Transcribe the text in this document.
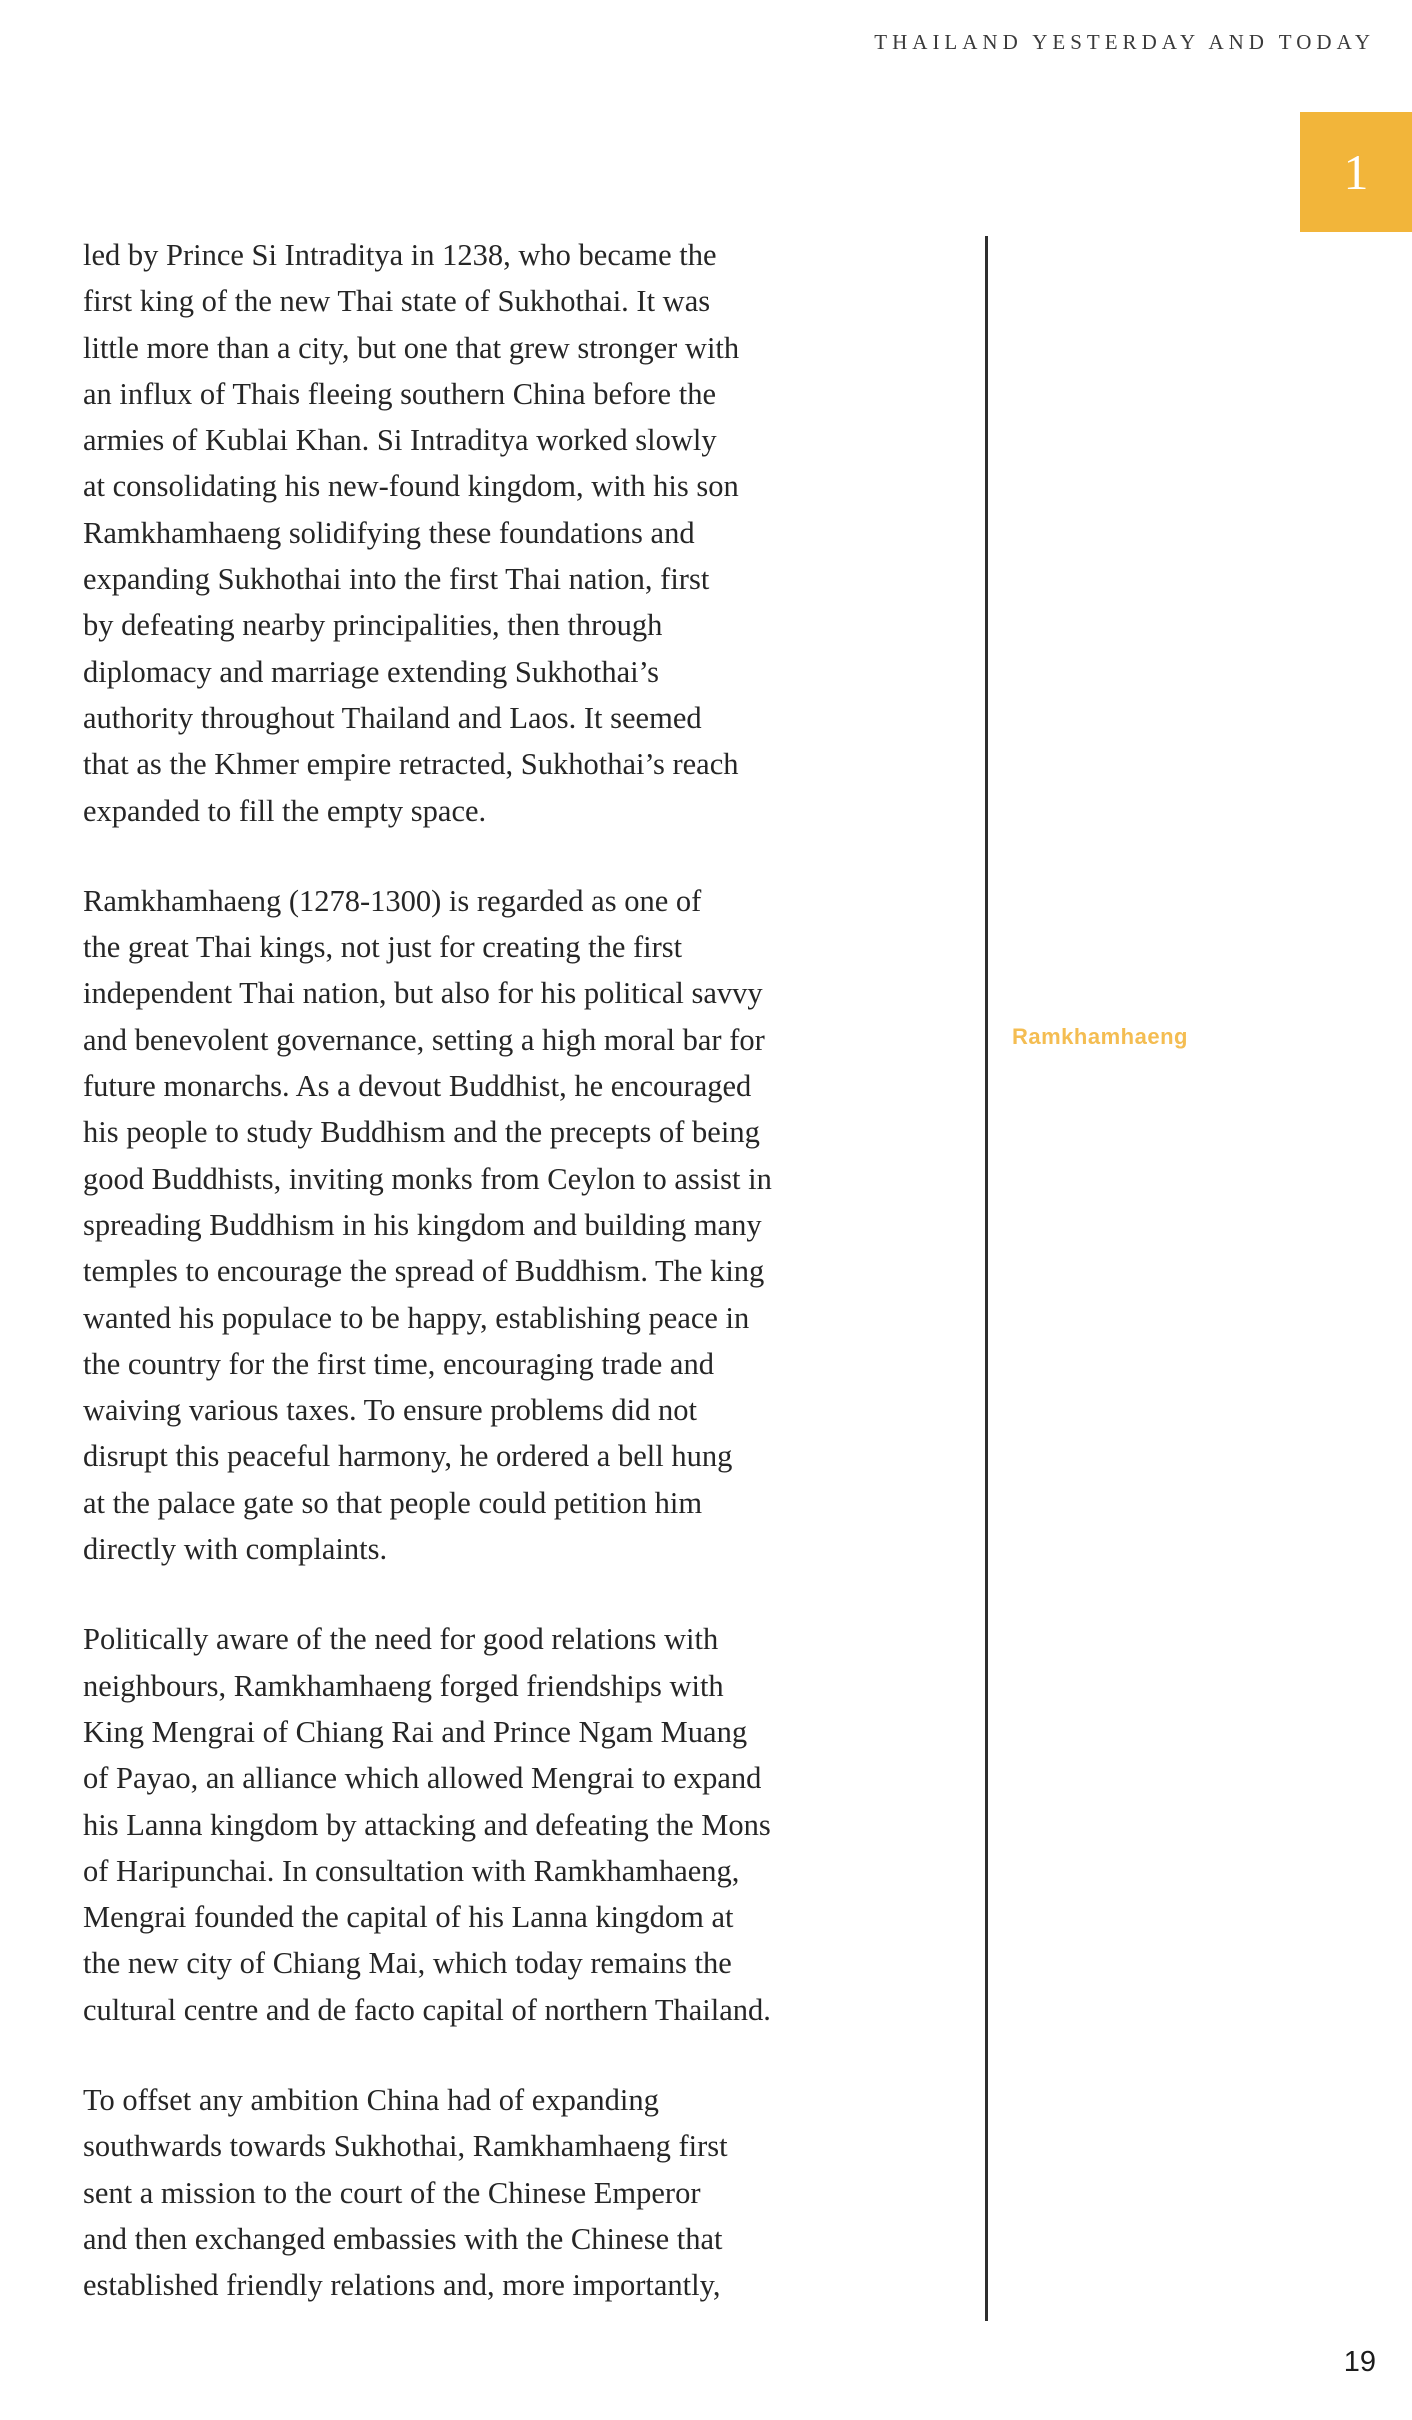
THAILAND YESTERDAY AND TODAY
1

led by Prince Si Intraditya in 1238, who became the
first king of the new Thai state of Sukhothai. It was
little more than a city, but one that grew stronger with
an influx of Thais fleeing southern China before the
armies of Kublai Khan. Si Intraditya worked slowly
at consolidating his new-found kingdom, with his son
Ramkhamhaeng solidifying these foundations and
expanding Sukhothai into the first Thai nation, first
by defeating nearby principalities, then through
diplomacy and marriage extending Sukhothai’s
authority throughout Thailand and Laos. It seemed
that as the Khmer empire retracted, Sukhothai’s reach
expanded to fill the empty space.

Ramkhamhaeng (1278-1300) is regarded as one of
the great Thai kings, not just for creating the first
independent Thai nation, but also for his political savvy
and benevolent governance, setting a high moral bar for
future monarchs. As a devout Buddhist, he encouraged
his people to study Buddhism and the precepts of being
good Buddhists, inviting monks from Ceylon to assist in
spreading Buddhism in his kingdom and building many
temples to encourage the spread of Buddhism. The king
wanted his populace to be happy, establishing peace in
the country for the first time, encouraging trade and
waiving various taxes. To ensure problems did not
disrupt this peaceful harmony, he ordered a bell hung
at the palace gate so that people could petition him
directly with complaints.

Politically aware of the need for good relations with
neighbours, Ramkhamhaeng forged friendships with
King Mengrai of Chiang Rai and Prince Ngam Muang
of Payao, an alliance which allowed Mengrai to expand
his Lanna kingdom by attacking and defeating the Mons
of Haripunchai. In consultation with Ramkhamhaeng,
Mengrai founded the capital of his Lanna kingdom at
the new city of Chiang Mai, which today remains the
cultural centre and de facto capital of northern Thailand.

To offset any ambition China had of expanding
southwards towards Sukhothai, Ramkhamhaeng first
sent a mission to the court of the Chinese Emperor
and then exchanged embassies with the Chinese that
established friendly relations and, more importantly,

Ramkhamhaeng
19
